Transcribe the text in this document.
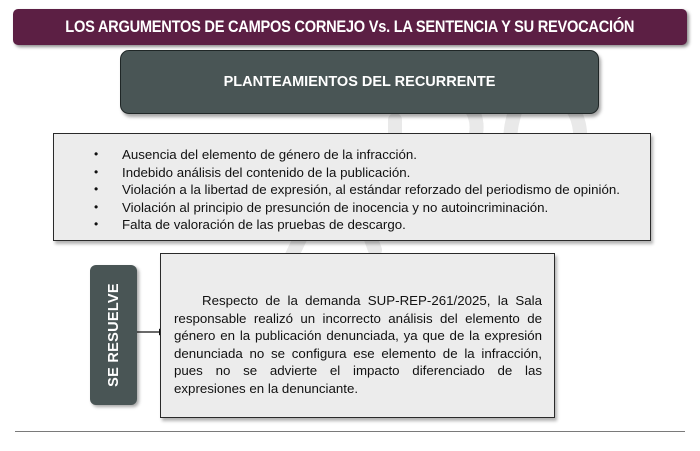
LOS ARGUMENTOS DE CAMPOS CORNEJO Vs. LA SENTENCIA Y SU REVOCACIÓN
PLANTEAMIENTOS DEL RECURRENTE
• Ausencia del elemento de género de la infracción.
• Indebido análisis del contenido de la publicación.
• Violación a la libertad de expresión, al estándar reforzado del periodismo de opinión.
• Violación al principio de presunción de inocencia y no autoincriminación.
• Falta de valoración de las pruebas de descargo.
SE RESUELVE	Respecto de la demanda SUP-REP-261/2025, la Sala responsable realizó un incorrecto análisis del elemento de género en la publicación denunciada, ya que de la expresión denunciada no se configura ese elemento de la infracción, pues no se advierte el impacto diferenciado de las expresiones en la denunciante.
